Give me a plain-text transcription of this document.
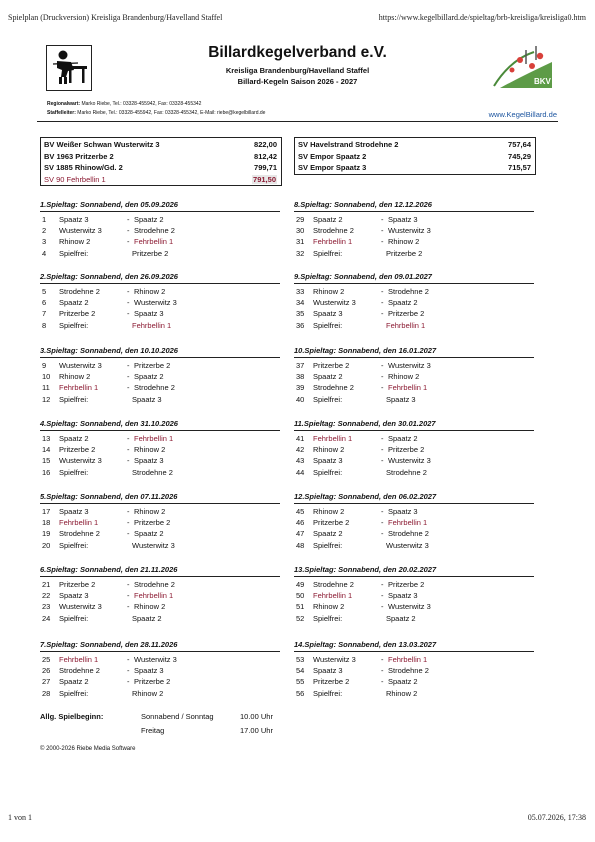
Spielplan (Druckversion) Kreisliga Brandenburg/Havelland Staffel	https://www.kegelbillard.de/spieltag/brb-kreisliga/kreisliga0.htm
Billardkegelverband e.V.
Kreisliga Brandenburg/Havelland Staffel
Billard-Kegeln Saison 2026 - 2027	BKV
Regionalwart: Marko Riebe, Tel.: 03328-455942, Fax: 03328-455342
Staffelleiter: Marko Riebe, Tel.: 03328-455942, Fax: 03328-455342, E-Mail: riebe@kegelbillard.de	www.KegelBillard.de
BV Weißer Schwan Wusterwitz 3	822,00
BV 1963 Pritzerbe 2	812,42
SV 1885 Rhinow/Gd. 2	799,71
SV 90 Fehrbellin 1	791,50
SV Havelstrand Strodehne 2	757,64
SV Empor Spaatz 2	745,29
SV Empor Spaatz 3	715,57
1.Spieltag: Sonnabend, den 05.09.2026
1 Spaatz 3	- Spaatz 2
2 Wusterwitz 3	- Strodehne 2
3 Rhinow 2	- Fehrbellin 1
4 Spielfrei:	Pritzerbe 2
2.Spieltag: Sonnabend, den 26.09.2026
5 Strodehne 2	- Rhinow 2
6 Spaatz 2	- Wusterwitz 3
7 Pritzerbe 2	- Spaatz 3
8 Spielfrei:	Fehrbellin 1
3.Spieltag: Sonnabend, den 10.10.2026
9 Wusterwitz 3	- Pritzerbe 2
10 Rhinow 2	- Spaatz 2
11 Fehrbellin 1	- Strodehne 2
12 Spielfrei:	Spaatz 3
4.Spieltag: Sonnabend, den 31.10.2026
13 Spaatz 2	- Fehrbellin 1
14 Pritzerbe 2	- Rhinow 2
15 Wusterwitz 3	- Spaatz 3
16 Spielfrei:	Strodehne 2
5.Spieltag: Sonnabend, den 07.11.2026
17 Spaatz 3	- Rhinow 2
18 Fehrbellin 1	- Pritzerbe 2
19 Strodehne 2	- Spaatz 2
20 Spielfrei:	Wusterwitz 3
6.Spieltag: Sonnabend, den 21.11.2026
21 Pritzerbe 2	- Strodehne 2
22 Spaatz 3	- Fehrbellin 1
23 Wusterwitz 3	- Rhinow 2
24 Spielfrei:	Spaatz 2
7.Spieltag: Sonnabend, den 28.11.2026
25 Fehrbellin 1	- Wusterwitz 3
26 Strodehne 2	- Spaatz 3
27 Spaatz 2	- Pritzerbe 2
28 Spielfrei:	Rhinow 2
8.Spieltag: Sonnabend, den 12.12.2026
29 Spaatz 2	- Spaatz 3
30 Strodehne 2	- Wusterwitz 3
31 Fehrbellin 1	- Rhinow 2
32 Spielfrei:	Pritzerbe 2
9.Spieltag: Sonnabend, den 09.01.2027
33 Rhinow 2	- Strodehne 2
34 Wusterwitz 3	- Spaatz 2
35 Spaatz 3	- Pritzerbe 2
36 Spielfrei:	Fehrbellin 1
10.Spieltag: Sonnabend, den 16.01.2027
37 Pritzerbe 2	- Wusterwitz 3
38 Spaatz 2	- Rhinow 2
39 Strodehne 2	- Fehrbellin 1
40 Spielfrei:	Spaatz 3
11.Spieltag: Sonnabend, den 30.01.2027
41 Fehrbellin 1	- Spaatz 2
42 Rhinow 2	- Pritzerbe 2
43 Spaatz 3	- Wusterwitz 3
44 Spielfrei:	Strodehne 2
12.Spieltag: Sonnabend, den 06.02.2027
45 Rhinow 2	- Spaatz 3
46 Pritzerbe 2	- Fehrbellin 1
47 Spaatz 2	- Strodehne 2
48 Spielfrei:	Wusterwitz 3
13.Spieltag: Sonnabend, den 20.02.2027
49 Strodehne 2	- Pritzerbe 2
50 Fehrbellin 1	- Spaatz 3
51 Rhinow 2	- Wusterwitz 3
52 Spielfrei:	Spaatz 2
14.Spieltag: Sonnabend, den 13.03.2027
53 Wusterwitz 3	- Fehrbellin 1
54 Spaatz 3	- Strodehne 2
55 Pritzerbe 2	- Spaatz 2
56 Spielfrei:	Rhinow 2
Allg. Spielbeginn:	Sonnabend / Sonntag	10.00 Uhr
Freitag	17.00 Uhr
© 2000-2026 Riebe Media Software
1 von 1	05.07.2026, 17:38
